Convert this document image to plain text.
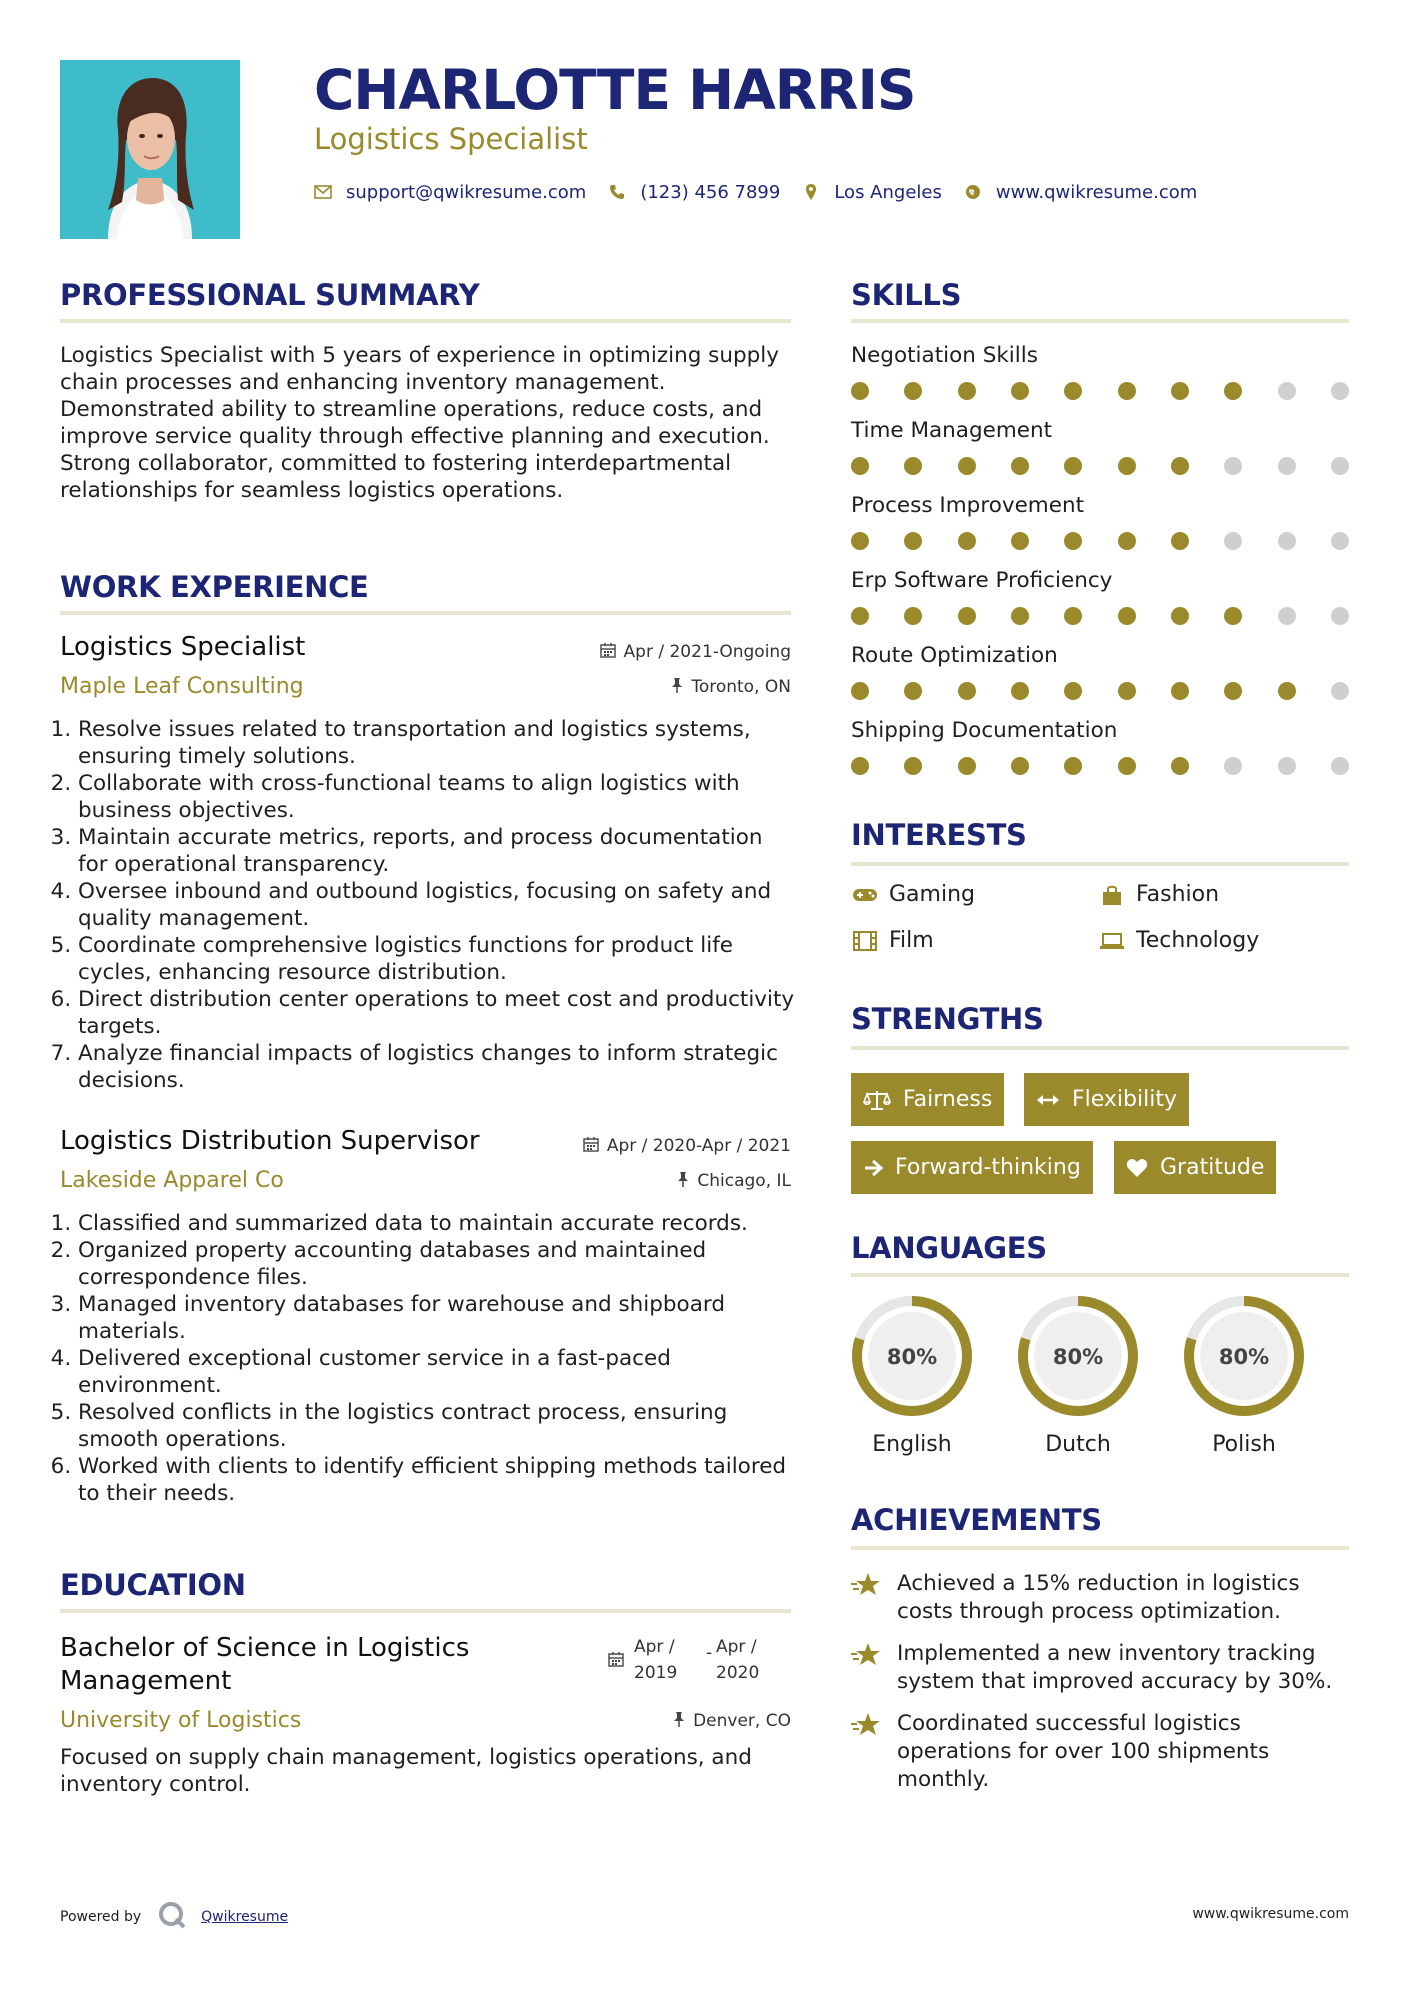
CHARLOTTE HARRIS
Logistics Specialist
support@qwikresume.com	(123) 456 7899	Los Angeles	www.qwikresume.com
PROFESSIONAL SUMMARY
Logistics Specialist with 5 years of experience in optimizing supply chain processes and enhancing inventory management. Demonstrated ability to streamline operations, reduce costs, and improve service quality through effective planning and execution. Strong collaborator, committed to fostering interdepartmental relationships for seamless logistics operations.
WORK EXPERIENCE
Logistics Specialist	Apr / 2021-Ongoing
Maple Leaf Consulting	Toronto, ON
1. Resolve issues related to transportation and logistics systems, ensuring timely solutions.
2. Collaborate with cross-functional teams to align logistics with business objectives.
3. Maintain accurate metrics, reports, and process documentation for operational transparency.
4. Oversee inbound and outbound logistics, focusing on safety and quality management.
5. Coordinate comprehensive logistics functions for product life cycles, enhancing resource distribution.
6. Direct distribution center operations to meet cost and productivity targets.
7. Analyze financial impacts of logistics changes to inform strategic decisions.
Logistics Distribution Supervisor	Apr / 2020-Apr / 2021
Lakeside Apparel Co	Chicago, IL
1. Classified and summarized data to maintain accurate records.
2. Organized property accounting databases and maintained correspondence files.
3. Managed inventory databases for warehouse and shipboard materials.
4. Delivered exceptional customer service in a fast-paced environment.
5. Resolved conflicts in the logistics contract process, ensuring smooth operations.
6. Worked with clients to identify efficient shipping methods tailored to their needs.
EDUCATION
Bachelor of Science in Logistics Management
Apr /
2019
- Apr /
2020
University of Logistics	Denver, CO
Focused on supply chain management, logistics operations, and inventory control.
SKILLS
Negotiation Skills
Time Management
Process Improvement
Erp Software Proficiency
Route Optimization
Shipping Documentation
INTERESTS
Gaming	Fashion
Film	Technology
STRENGTHS
Fairness	Flexibility
Forward-thinking	Gratitude
LANGUAGES
80%
English
80%
Dutch
80%
Polish
ACHIEVEMENTS
Achieved a 15% reduction in logistics costs through process optimization.
Implemented a new inventory tracking system that improved accuracy by 30%.
Coordinated successful logistics operations for over 100 shipments monthly.
Powered by	Qwikresume	www.qwikresume.com
